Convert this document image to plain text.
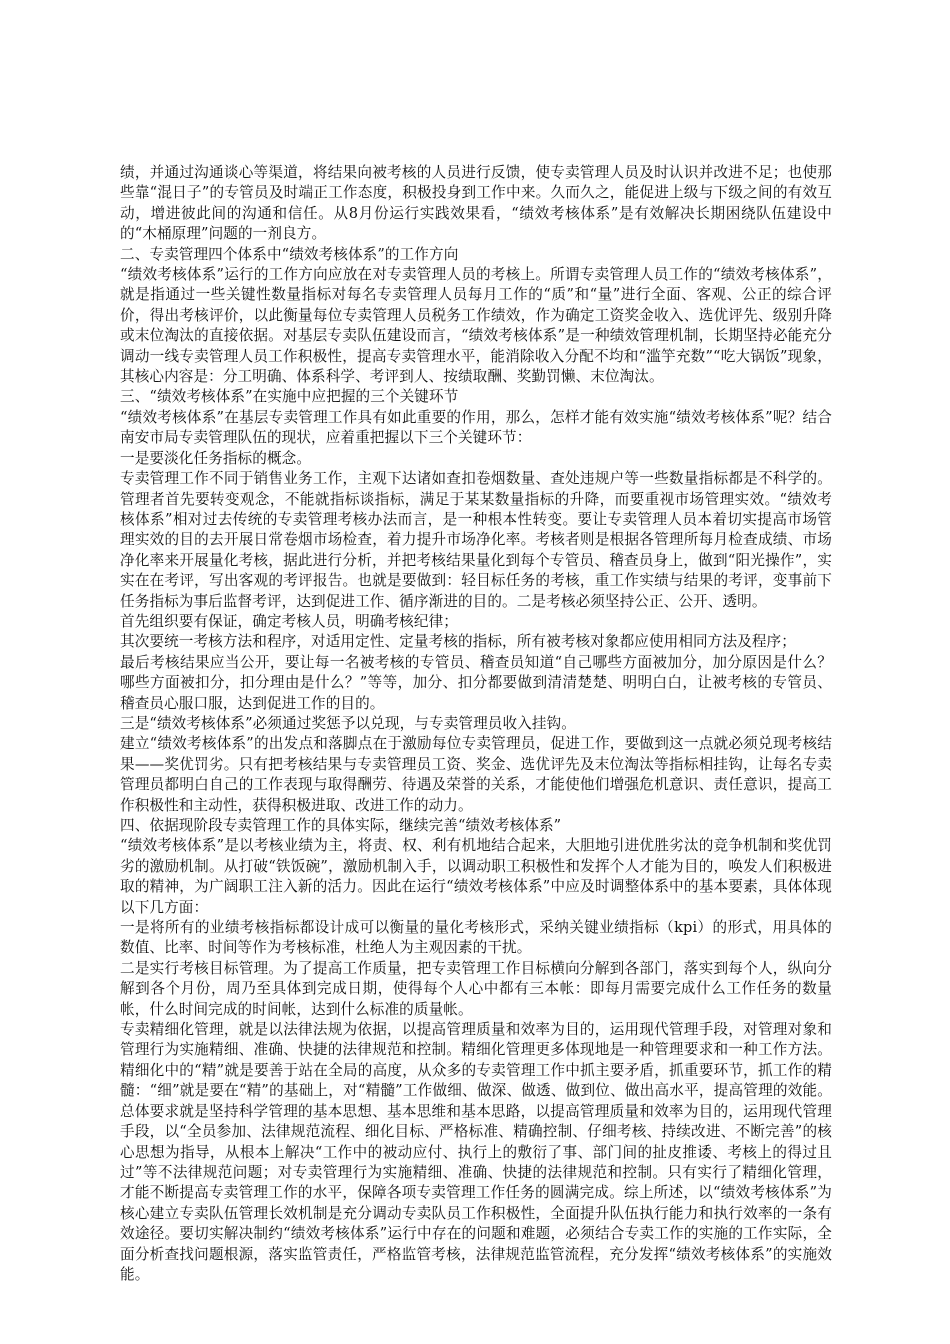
绩，并通过沟通谈心等渠道，将结果向被考核的人员进行反馈，使专卖管理人员及时认识并改进不足；也使那些靠“混日子”的专管员及时端正工作态度，积极投身到工作中来。久而久之，能促进上级与下级之间的有效互动，增进彼此间的沟通和信任。从8月份运行实践效果看，“绩效考核体系”是有效解决长期困绕队伍建设中的“木桶原理”问题的一剂良方。

二、专卖管理四个体系中“绩效考核体系”的工作方向

“绩效考核体系”运行的工作方向应放在对专卖管理人员的考核上。所谓专卖管理人员工作的“绩效考核体系”，就是指通过一些关键性数量指标对每名专卖管理人员每月工作的“质”和“量”进行全面、客观、公正的综合评价，得出考核评价，以此衡量每位专卖管理人员税务工作绩效，作为确定工资奖金收入、选优评先、级别升降或末位淘汰的直接依据。对基层专卖队伍建设而言，“绩效考核体系”是一种绩效管理机制，长期坚持必能充分调动一线专卖管理人员工作积极性，提高专卖管理水平，能消除收入分配不均和“滥竽充数”“吃大锅饭”现象，其核心内容是：分工明确、体系科学、考评到人、按绩取酬、奖勤罚懒、末位淘汰。

三、“绩效考核体系”在实施中应把握的三个关键环节

“绩效考核体系”在基层专卖管理工作具有如此重要的作用，那么，怎样才能有效实施“绩效考核体系”呢？结合南安市局专卖管理队伍的现状，应着重把握以下三个关键环节：

一是要淡化任务指标的概念。

专卖管理工作不同于销售业务工作，主观下达诸如查扣卷烟数量、查处违规户等一些数量指标都是不科学的。管理者首先要转变观念，不能就指标谈指标，满足于某某数量指标的升降，而要重视市场管理实效。“绩效考核体系”相对过去传统的专卖管理考核办法而言，是一种根本性转变。要让专卖管理人员本着切实提高市场管理实效的目的去开展日常卷烟市场检查，着力提升市场净化率。考核者则是根据各管理所每月检查成绩、市场净化率来开展量化考核，据此进行分析，并把考核结果量化到每个专管员、稽查员身上，做到“阳光操作”，实实在在考评，写出客观的考评报告。也就是要做到：轻目标任务的考核，重工作实绩与结果的考评，变事前下任务指标为事后监督考评，达到促进工作、循序渐进的目的。二是考核必须坚持公正、公开、透明。

首先组织要有保证，确定考核人员，明确考核纪律；

其次要统一考核方法和程序，对适用定性、定量考核的指标，所有被考核对象都应使用相同方法及程序；

最后考核结果应当公开，要让每一名被考核的专管员、稽查员知道“自己哪些方面被加分，加分原因是什么？哪些方面被扣分，扣分理由是什么？”等等，加分、扣分都要做到清清楚楚、明明白白，让被考核的专管员、稽查员心服口服，达到促进工作的目的。

三是“绩效考核体系”必须通过奖惩予以兑现，与专卖管理员收入挂钩。

建立“绩效考核体系”的出发点和落脚点在于激励每位专卖管理员，促进工作，要做到这一点就必须兑现考核结果——奖优罚劣。只有把考核结果与专卖管理员工资、奖金、选优评先及末位淘汰等指标相挂钩，让每名专卖管理员都明白自己的工作表现与取得酬劳、待遇及荣誉的关系，才能使他们增强危机意识、责任意识，提高工作积极性和主动性，获得积极进取、改进工作的动力。

四、依据现阶段专卖管理工作的具体实际，继续完善“绩效考核体系”

“绩效考核体系”是以考核业绩为主，将责、权、利有机地结合起来，大胆地引进优胜劣汰的竞争机制和奖优罚劣的激励机制。从打破“铁饭碗”，激励机制入手，以调动职工积极性和发挥个人才能为目的，唤发人们积极进取的精神，为广阔职工注入新的活力。因此在运行“绩效考核体系”中应及时调整体系中的基本要素，具体体现以下几方面：

一是将所有的业绩考核指标都设计成可以衡量的量化考核形式，采纳关键业绩指标（kpi）的形式，用具体的数值、比率、时间等作为考核标准，杜绝人为主观因素的干扰。

二是实行考核目标管理。为了提高工作质量，把专卖管理工作目标横向分解到各部门，落实到每个人，纵向分解到各个月份，周乃至具体到完成日期，使得每个人心中都有三本帐：即每月需要完成什么工作任务的数量帐，什么时间完成的时间帐，达到什么标准的质量帐。

专卖精细化管理，就是以法律法规为依据，以提高管理质量和效率为目的，运用现代管理手段，对管理对象和管理行为实施精细、准确、快捷的法律规范和控制。精细化管理更多体现地是一种管理要求和一种工作方法。精细化中的“精”就是要善于站在全局的高度，从众多的专卖管理工作中抓主要矛盾，抓重要环节，抓工作的精髓：“细”就是要在“精”的基础上，对“精髓”工作做细、做深、做透、做到位、做出高水平，提高管理的效能。总体要求就是坚持科学管理的基本思想、基本思维和基本思路，以提高管理质量和效率为目的，运用现代管理手段，以“全员参加、法律规范流程、细化目标、严格标准、精确控制、仔细考核、持续改进、不断完善”的核心思想为指导，从根本上解决“工作中的被动应付、执行上的敷衍了事、部门间的扯皮推诿、考核上的得过且过”等不法律规范问题；对专卖管理行为实施精细、准确、快捷的法律规范和控制。只有实行了精细化管理，才能不断提高专卖管理工作的水平，保障各项专卖管理工作任务的圆满完成。综上所述，以“绩效考核体系”为核心建立专卖队伍管理长效机制是充分调动专卖队员工作积极性，全面提升队伍执行能力和执行效率的一条有效途径。要切实解决制约“绩效考核体系”运行中存在的问题和难题，必须结合专卖工作的实施的工作实际，全面分析查找问题根源，落实监管责任，严格监管考核，法律规范监管流程，充分发挥“绩效考核体系”的实施效能。
